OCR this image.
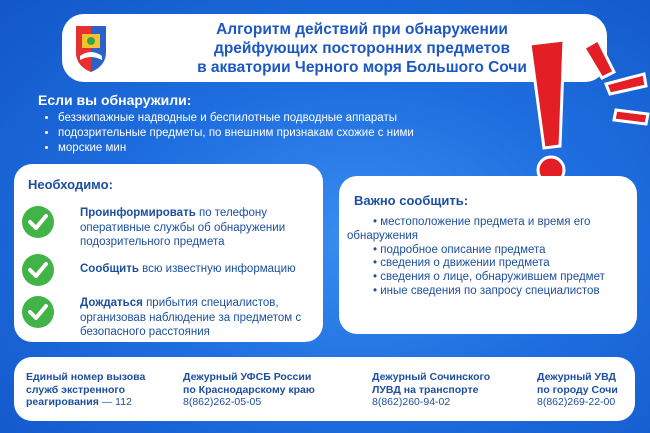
Алгоритм действий при обнаружении
дрейфующих посторонних предметов
в акватории Черного моря Большого Сочи
Если вы обнаружили:
• безэкипажные надводные и беспилотные подводные аппараты
• подозрительные предметы, по внешним признакам схожие с ними
• морские мин
Необходимо:
Проинформировать по телефону оперативные службы об обнаружении подозрительного предмета
Сообщить всю известную информацию
Дождаться прибытия специалистов, организовав наблюдение за предметом с безопасного расстояния
Важно сообщить:
• местоположение предмета и время его обнаружения
• подробное описание предмета
• сведения о движении предмета
• сведения о лице, обнаружившем предмет
• иные сведения по запросу специалистов
Единый номер вызова
служб экстренного
реагирования — 112
Дежурный УФСБ России
по Краснодарскому краю
8(862)262-05-05
Дежурный Сочинского
ЛУВД на транспорте
8(862)260-94-02
Дежурный УВД
по городу Сочи
8(862)269-22-00
